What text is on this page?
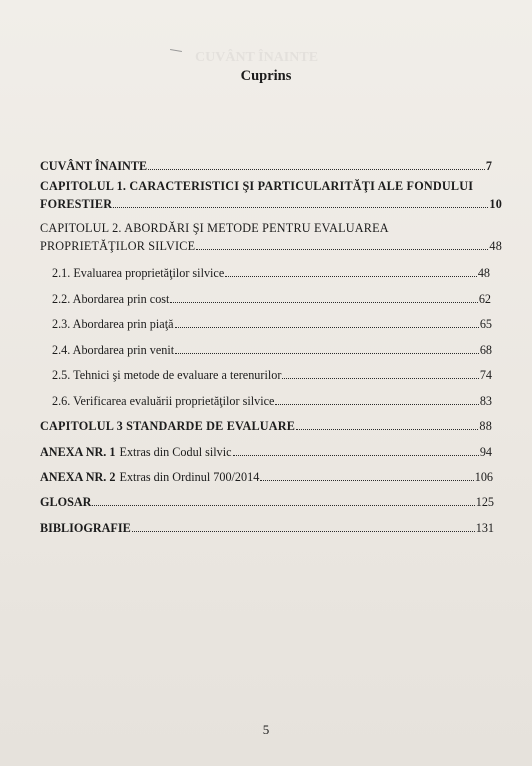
CUVÂNT ÎNAINTE
Cuprins
CUVÂNT ÎNAINTE	7
CAPITOLUL 1. CARACTERISTICI ŞI PARTICULARITĂŢI ALE FONDULUI
FORESTIER	10
CAPITOLUL 2. ABORDĂRI ŞI METODE PENTRU EVALUAREA
PROPRIETĂŢILOR SILVICE	48
2.1. Evaluarea proprietăţilor silvice	48
2.2. Abordarea prin cost	62
2.3. Abordarea prin piaţă	65
2.4. Abordarea prin venit	68
2.5. Tehnici şi metode de evaluare a terenurilor	74
2.6. Verificarea evaluării proprietăţilor silvice	83
CAPITOLUL 3 STANDARDE DE EVALUARE	88
ANEXA NR. 1 Extras din Codul silvic	94
ANEXA NR. 2 Extras din Ordinul 700/2014	106
GLOSAR	125
BIBLIOGRAFIE	131
5
